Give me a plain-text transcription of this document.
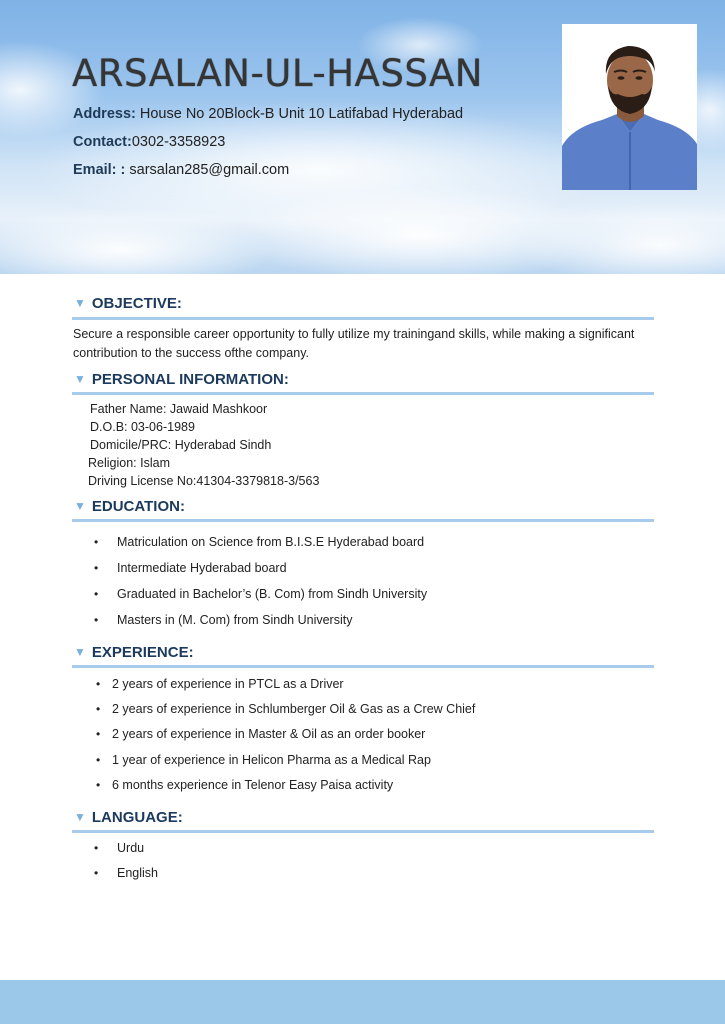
ARSALAN-UL-HASSAN
Address: House No 20Block-B Unit 10 Latifabad Hyderabad
Contact:0302-3358923
Email: : sarsalan285@gmail.com
▼ OBJECTIVE:
Secure a responsible career opportunity to fully utilize my trainingand skills, while making a significant contribution to the success ofthe company.
▼ PERSONAL INFORMATION:
Father Name: Jawaid Mashkoor
D.O.B: 03-06-1989
Domicile/PRC: Hyderabad Sindh
Religion: Islam
Driving License No:41304-3379818-3/563
▼ EDUCATION:
• Matriculation on Science from B.I.S.E Hyderabad board
• Intermediate Hyderabad board
• Graduated in Bachelor’s (B. Com) from Sindh University
• Masters in (M. Com) from Sindh University
▼ EXPERIENCE:
• 2 years of experience in PTCL as a Driver
• 2 years of experience in Schlumberger Oil & Gas as a Crew Chief
• 2 years of experience in Master & Oil as an order booker
• 1 year of experience in Helicon Pharma as a Medical Rap
• 6 months experience in Telenor Easy Paisa activity
▼ LANGUAGE:
• Urdu
• English
